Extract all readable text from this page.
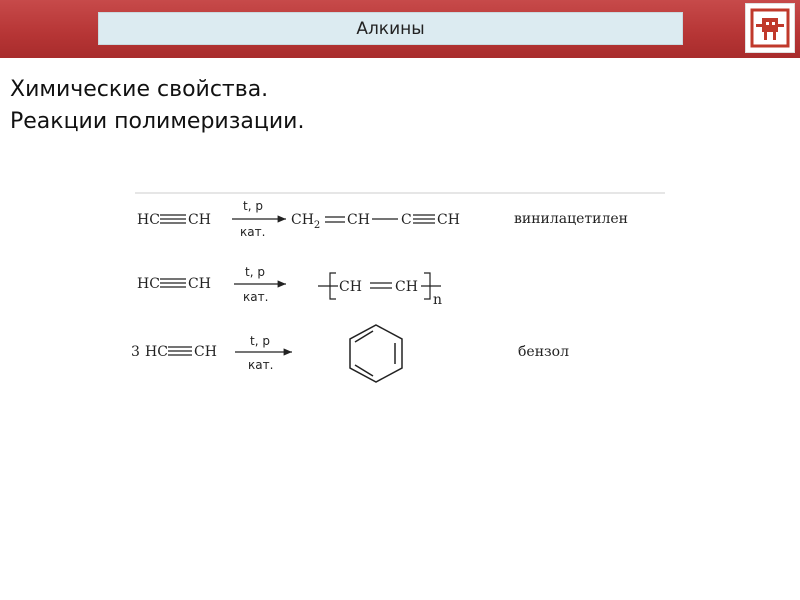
Алкины
Химические свойства.
Реакции полимеризации.
HC CH
t, p
кат.
$CH_2$ CH C CH	винилацетилен
HC CH
t, p
кат.
CH CH
n
3 HC CH
t, p
кат.
бензол
